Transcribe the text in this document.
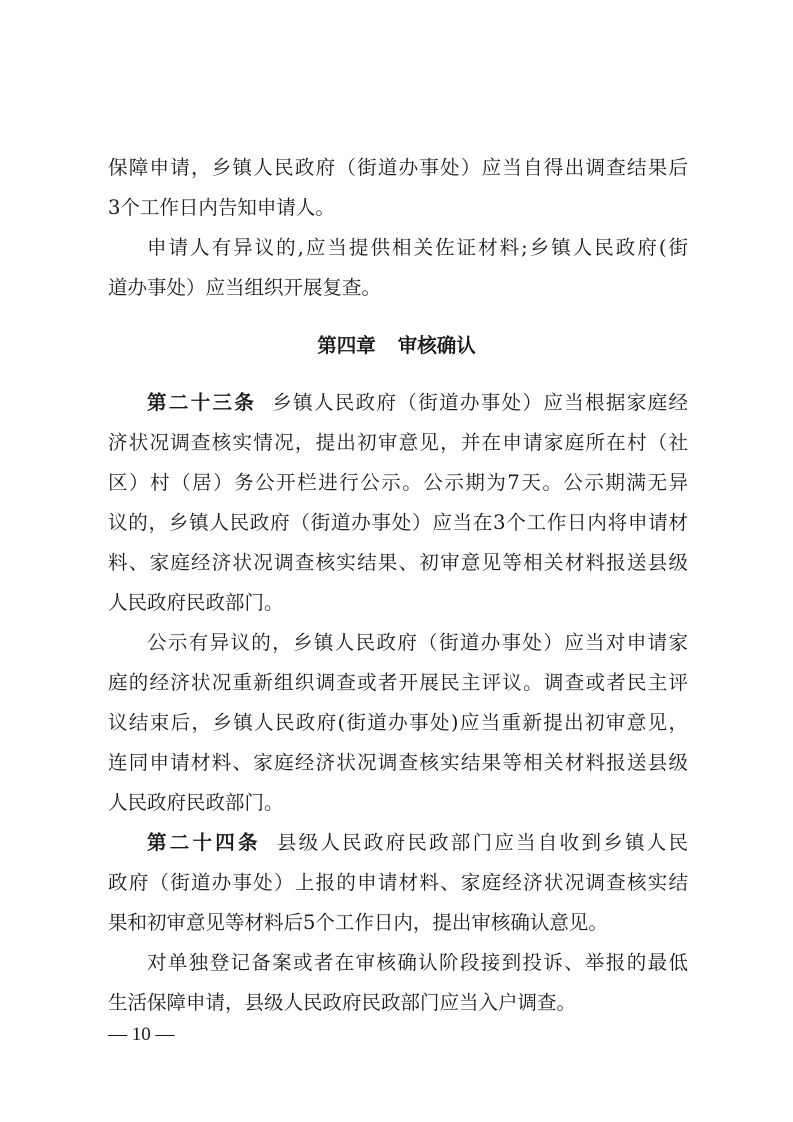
保障申请，乡镇人民政府（街道办事处）应当自得出调查结果后
3个工作日内告知申请人。
申请人有异议的,应当提供相关佐证材料;乡镇人民政府(街
道办事处）应当组织开展复查。
第四章 审核确认
第二十三条 乡镇人民政府（街道办事处）应当根据家庭经
济状况调查核实情况，提出初审意见，并在申请家庭所在村（社
区）村（居）务公开栏进行公示。公示期为7天。公示期满无异
议的，乡镇人民政府（街道办事处）应当在3个工作日内将申请材
料、家庭经济状况调查核实结果、初审意见等相关材料报送县级
人民政府民政部门。
公示有异议的，乡镇人民政府（街道办事处）应当对申请家
庭的经济状况重新组织调查或者开展民主评议。调查或者民主评
议结束后，乡镇人民政府(街道办事处)应当重新提出初审意见，
连同申请材料、家庭经济状况调查核实结果等相关材料报送县级
人民政府民政部门。
第二十四条 县级人民政府民政部门应当自收到乡镇人民
政府（街道办事处）上报的申请材料、家庭经济状况调查核实结
果和初审意见等材料后5个工作日内，提出审核确认意见。
对单独登记备案或者在审核确认阶段接到投诉、举报的最低
生活保障申请，县级人民政府民政部门应当入户调查。
— 10 —
